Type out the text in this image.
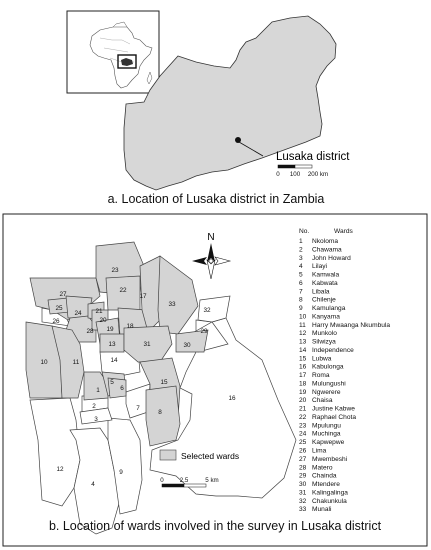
Lusaka district
0 100 200 km
a. Location of Lusaka district in Zambia
27
25
24
26
28
10	11
23
22
17
21
20
19 18
33
32
29
30
31
13
14
15
16
1
5
6
7
8
2
3
12
4
9
N
Selected wards
0	2.5	5 km
No.	Wards
1 Nkoloma
2 Chawama
3 John Howard
4 Lilayi
5 Kamwala
6 Kabwata
7 Libala
8 Chilenje
9 Kamulanga
10 Kanyama
11 Harry Mwaanga Nkumbula
12 Munkolo
13 Silwizya
14 Independence
15 Lubwa
16 Kabulonga
17 Roma
18 Mulungushi
19 Ngwerere
20 Chaisa
21 Justine Kabwe
22 Raphael Chota
23 Mpulungu
24 Muchinga
25 Kapwepwe
26 Lima
27 Mwembeshi
28 Matero
29 Chainda
30 Mtendere
31 Kalingalinga
32 Chakunkula
33 Munali
b. Location of wards involved in the survey in Lusaka district
